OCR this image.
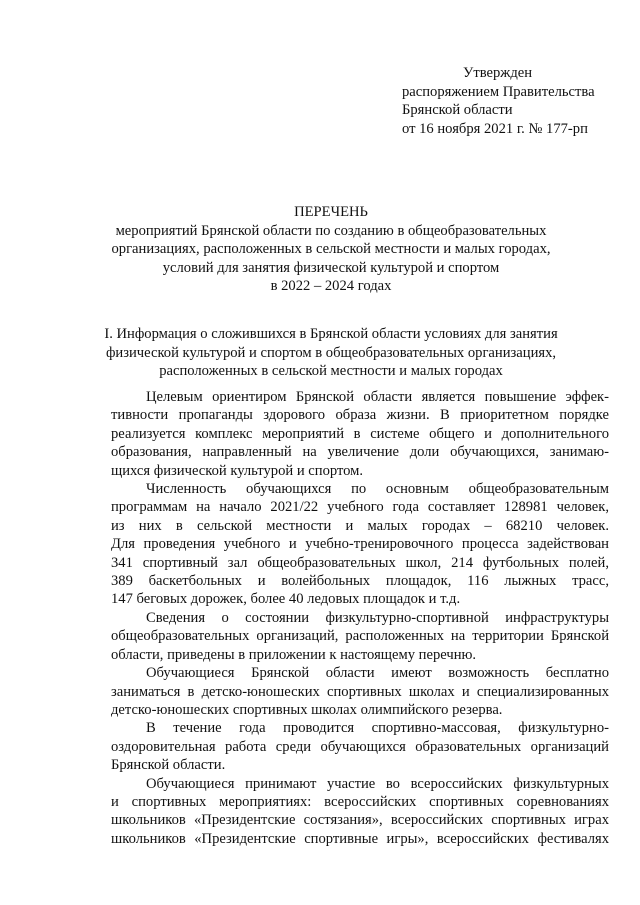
Утвержден
распоряжением Правительства
Брянской области
от 16 ноября 2021 г. № 177-рп
ПЕРЕЧЕНЬ
мероприятий Брянской области по созданию в общеобразовательных
организациях, расположенных в сельской местности и малых городах,
условий для занятия физической культурой и спортом
в 2022 – 2024 годах
I. Информация о сложившихся в Брянской области условиях для занятия
физической культурой и спортом в общеобразовательных организациях,
расположенных в сельской местности и малых городах
Целевым ориентиром Брянской области является повышение эффек-
тивности пропаганды здорового образа жизни. В приоритетном порядке
реализуется комплекс мероприятий в системе общего и дополнительного
образования, направленный на увеличение доли обучающихся, занимаю-
щихся физической культурой и спортом.
Численность обучающихся по основным общеобразовательным
программам на начало 2021/22 учебного года составляет 128981 человек,
из них в сельской местности и малых городах – 68210 человек.
Для проведения учебного и учебно-тренировочного процесса задействован
341 спортивный зал общеобразовательных школ, 214 футбольных полей,
389 баскетбольных и волейбольных площадок, 116 лыжных трасс,
147 беговых дорожек, более 40 ледовых площадок и т.д.
Сведения о состоянии физкультурно-спортивной инфраструктуры
общеобразовательных организаций, расположенных на территории Брянской
области, приведены в приложении к настоящему перечню.
Обучающиеся Брянской области имеют возможность бесплатно
заниматься в детско-юношеских спортивных школах и специализированных
детско-юношеских спортивных школах олимпийского резерва.
В течение года проводится спортивно-массовая, физкультурно-
оздоровительная работа среди обучающихся образовательных организаций
Брянской области.
Обучающиеся принимают участие во всероссийских физкультурных
и спортивных мероприятиях: всероссийских спортивных соревнованиях
школьников «Президентские состязания», всероссийских спортивных играх
школьников «Президентские спортивные игры», всероссийских фестивалях
